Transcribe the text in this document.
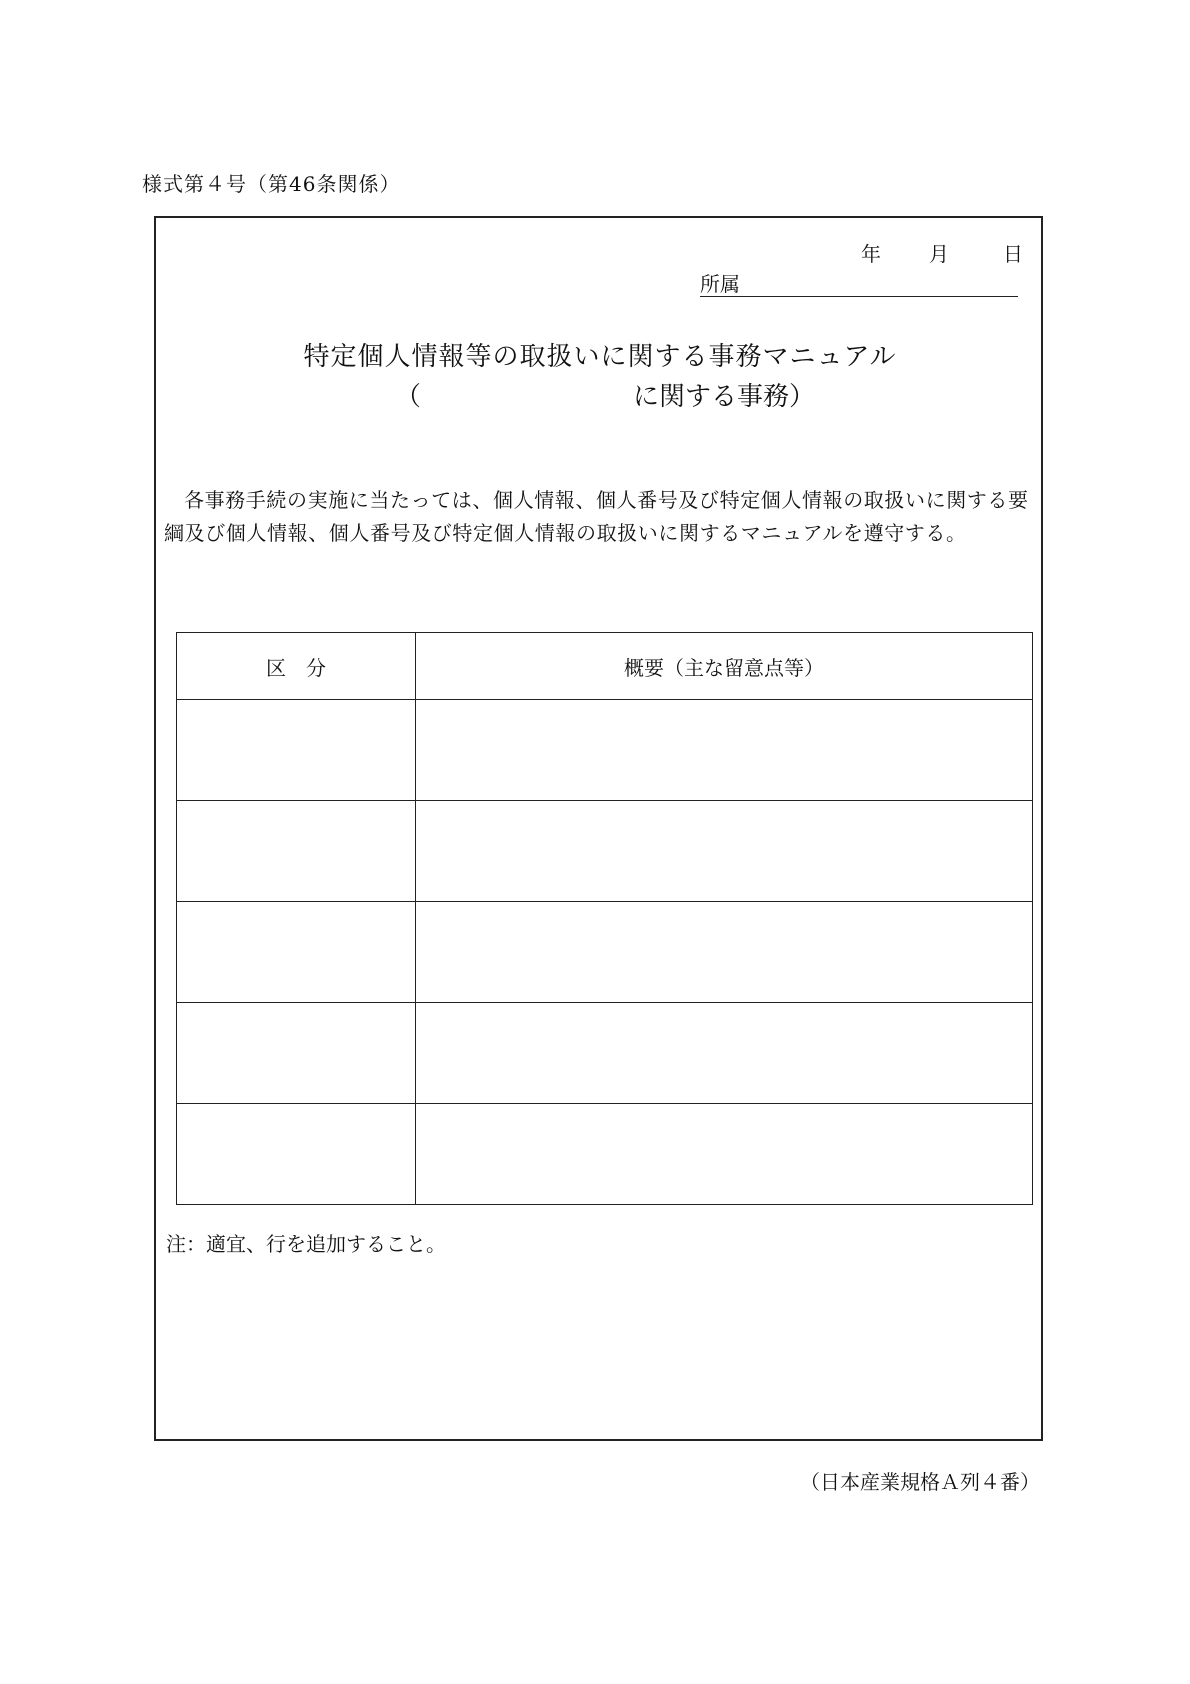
様式第４号（第46条関係）
年 月	日
所属
特定個人情報等の取扱いに関する事務マニュアル
（	に関する事務）
各事務手続の実施に当たっては、個人情報、個人番号及び特定個人情報の取扱いに関する要綱及び個人情報、個人番号及び特定個人情報の取扱いに関するマニュアルを遵守する。
区　分	概要（主な留意点等）

注：適宜、行を追加すること。
（日本産業規格Ａ列４番）
